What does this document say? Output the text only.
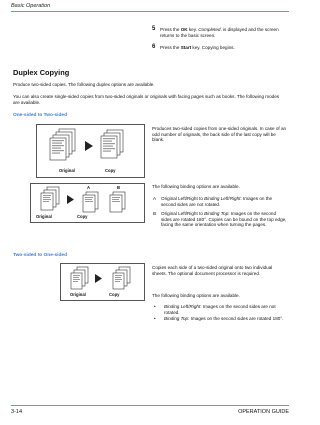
Basic Operation
5 Press the OK key. Completed. is displayed and the screen returns to the basic screen.
6 Press the Start key. Copying begins.
Duplex Copying
Produce two-sided copies. The following duplex options are available.
You can also create single-sided copies from two-sided originals or originals with facing pages such as books. The following modes are available.
One-sided to Two-sided
Original	Copy
Produces two-sided copies from one-sided originals. In case of an odd number of originals, the back side of the last copy will be blank.
A	B
Original	Copy
The following binding options are available.
A Original Left/Right to Binding Left/Right: Images on the second sides are not rotated.
B Original Left/Right to Binding Top: Images on the second sides are rotated 180°. Copies can be bound on the top edge, facing the same orientation when turning the pages.
Two-sided to One-sided
Original	Copy
Copies each side of a two-sided original onto two individual sheets. The optional document processor is required.
The following binding options are available.
• Binding Left/Right: Images on the second sides are not rotated.
• Binding Top: Images on the second sides are rotated 180°.
3-14	OPERATION GUIDE
